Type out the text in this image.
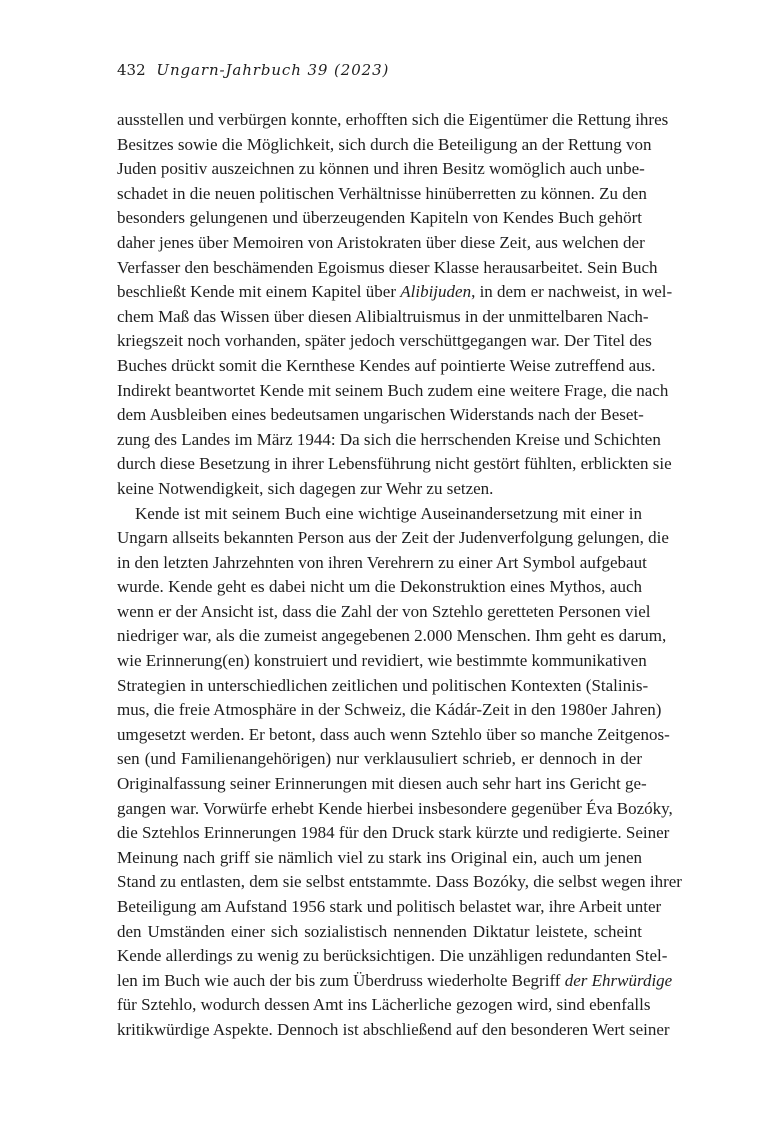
432 Ungarn-Jahrbuch 39 (2023)
ausstellen und verbürgen konnte, erhofften sich die Eigentümer die Rettung ihres
Besitzes sowie die Möglichkeit, sich durch die Beteiligung an der Rettung von
Juden positiv auszeichnen zu können und ihren Besitz womöglich auch unbe-
schadet in die neuen politischen Verhältnisse hinüberretten zu können. Zu den
besonders gelungenen und überzeugenden Kapiteln von Kendes Buch gehört
daher jenes über Memoiren von Aristokraten über diese Zeit, aus welchen der
Verfasser den beschämenden Egoismus dieser Klasse herausarbeitet. Sein Buch
beschließt Kende mit einem Kapitel über Alibijuden, in dem er nachweist, in wel-
chem Maß das Wissen über diesen Alibialtruismus in der unmittelbaren Nach-
kriegszeit noch vorhanden, später jedoch verschüttgegangen war. Der Titel des
Buches drückt somit die Kernthese Kendes auf pointierte Weise zutreffend aus.
Indirekt beantwortet Kende mit seinem Buch zudem eine weitere Frage, die nach
dem Ausbleiben eines bedeutsamen ungarischen Widerstands nach der Beset-
zung des Landes im März 1944: Da sich die herrschenden Kreise und Schichten
durch diese Besetzung in ihrer Lebensführung nicht gestört fühlten, erblickten sie
keine Notwendigkeit, sich dagegen zur Wehr zu setzen.
Kende ist mit seinem Buch eine wichtige Auseinandersetzung mit einer in
Ungarn allseits bekannten Person aus der Zeit der Judenverfolgung gelungen, die
in den letzten Jahrzehnten von ihren Verehrern zu einer Art Symbol aufgebaut
wurde. Kende geht es dabei nicht um die Dekonstruktion eines Mythos, auch
wenn er der Ansicht ist, dass die Zahl der von Sztehlo geretteten Personen viel
niedriger war, als die zumeist angegebenen 2.000 Menschen. Ihm geht es darum,
wie Erinnerung(en) konstruiert und revidiert, wie bestimmte kommunikativen
Strategien in unterschiedlichen zeitlichen und politischen Kontexten (Stalinis-
mus, die freie Atmosphäre in der Schweiz, die Kádár-Zeit in den 1980er Jahren)
umgesetzt werden. Er betont, dass auch wenn Sztehlo über so manche Zeitgenos-
sen (und Familienangehörigen) nur verklausuliert schrieb, er dennoch in der
Originalfassung seiner Erinnerungen mit diesen auch sehr hart ins Gericht ge-
gangen war. Vorwürfe erhebt Kende hierbei insbesondere gegenüber Éva Bozóky,
die Sztehlos Erinnerungen 1984 für den Druck stark kürzte und redigierte. Seiner
Meinung nach griff sie nämlich viel zu stark ins Original ein, auch um jenen
Stand zu entlasten, dem sie selbst entstammte. Dass Bozóky, die selbst wegen ihrer
Beteiligung am Aufstand 1956 stark und politisch belastet war, ihre Arbeit unter
den Umständen einer sich sozialistisch nennenden Diktatur leistete, scheint
Kende allerdings zu wenig zu berücksichtigen. Die unzähligen redundanten Stel-
len im Buch wie auch der bis zum Überdruss wiederholte Begriff der Ehrwürdige
für Sztehlo, wodurch dessen Amt ins Lächerliche gezogen wird, sind ebenfalls
kritikwürdige Aspekte. Dennoch ist abschließend auf den besonderen Wert seiner
